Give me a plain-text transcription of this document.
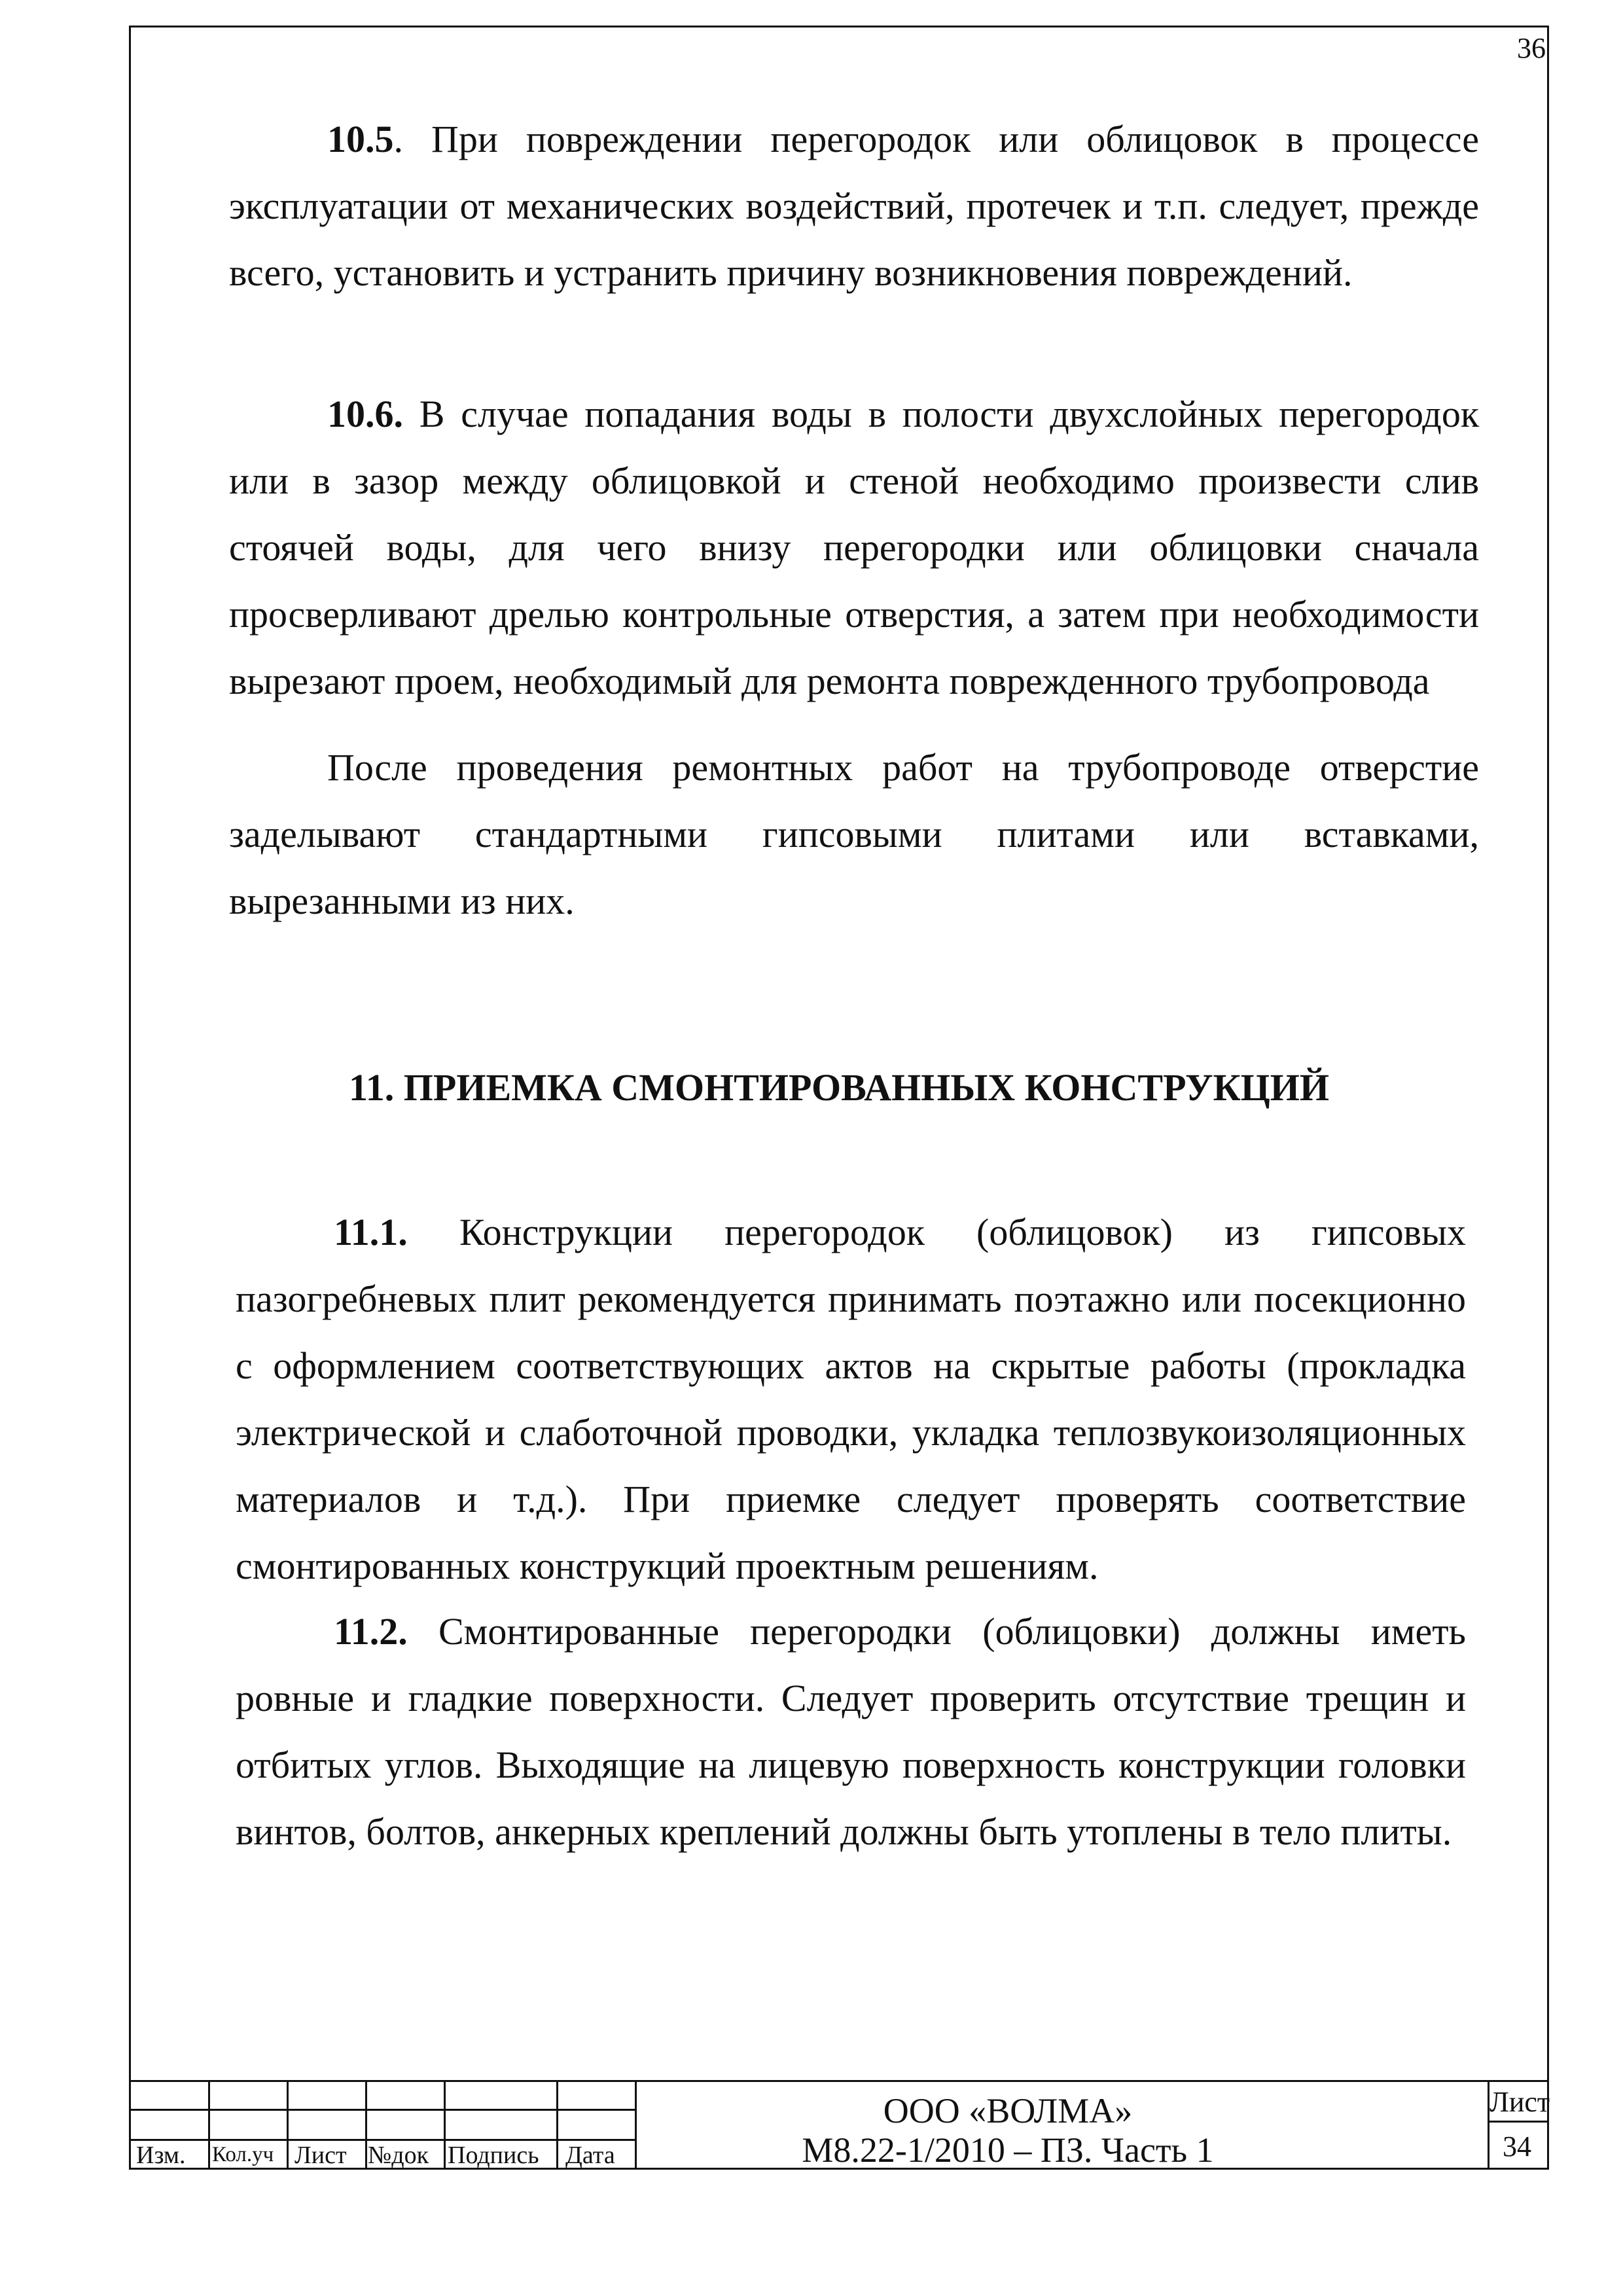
36

10.5. При повреждении перегородок или облицовок в процессе эксплуатации от механических воздействий, протечек и т.п. следует, прежде всего, установить и устранить причину возникновения повреждений.

10.6. В случае попадания воды в полости двухслойных перегородок или в зазор между облицовкой и стеной необходимо произвести слив стоячей воды, для чего внизу перегородки или облицовки сначала просверливают дрелью контрольные отверстия, а затем при необходимости вырезают проем, необходимый для ремонта поврежденного трубопровода

После проведения ремонтных работ на трубопроводе отверстие заделывают стандартными гипсовыми плитами или вставками, вырезанными из них.

11. ПРИЕМКА СМОНТИРОВАННЫХ КОНСТРУКЦИЙ

11.1. Конструкции перегородок (облицовок) из гипсовых пазогребневых плит рекомендуется принимать поэтажно или посекционно с оформлением соответствующих актов на скрытые работы (прокладка электрической и слаботочной проводки, укладка теплозвукоизоляционных материалов и т.д.). При приемке следует проверять соответствие смонтированных конструкций проектным решениям.

11.2. Смонтированные перегородки (облицовки) должны иметь ровные и гладкие поверхности. Следует проверить отсутствие трещин и отбитых углов. Выходящие на лицевую поверхность конструкции головки винтов, болтов, анкерных креплений должны быть утоплены в тело плиты.

Изм. Кол.уч Лист №док Подпись Дата
ООО «ВОЛМА»
М8.22-1/2010 – ПЗ. Часть 1
Лист
34
